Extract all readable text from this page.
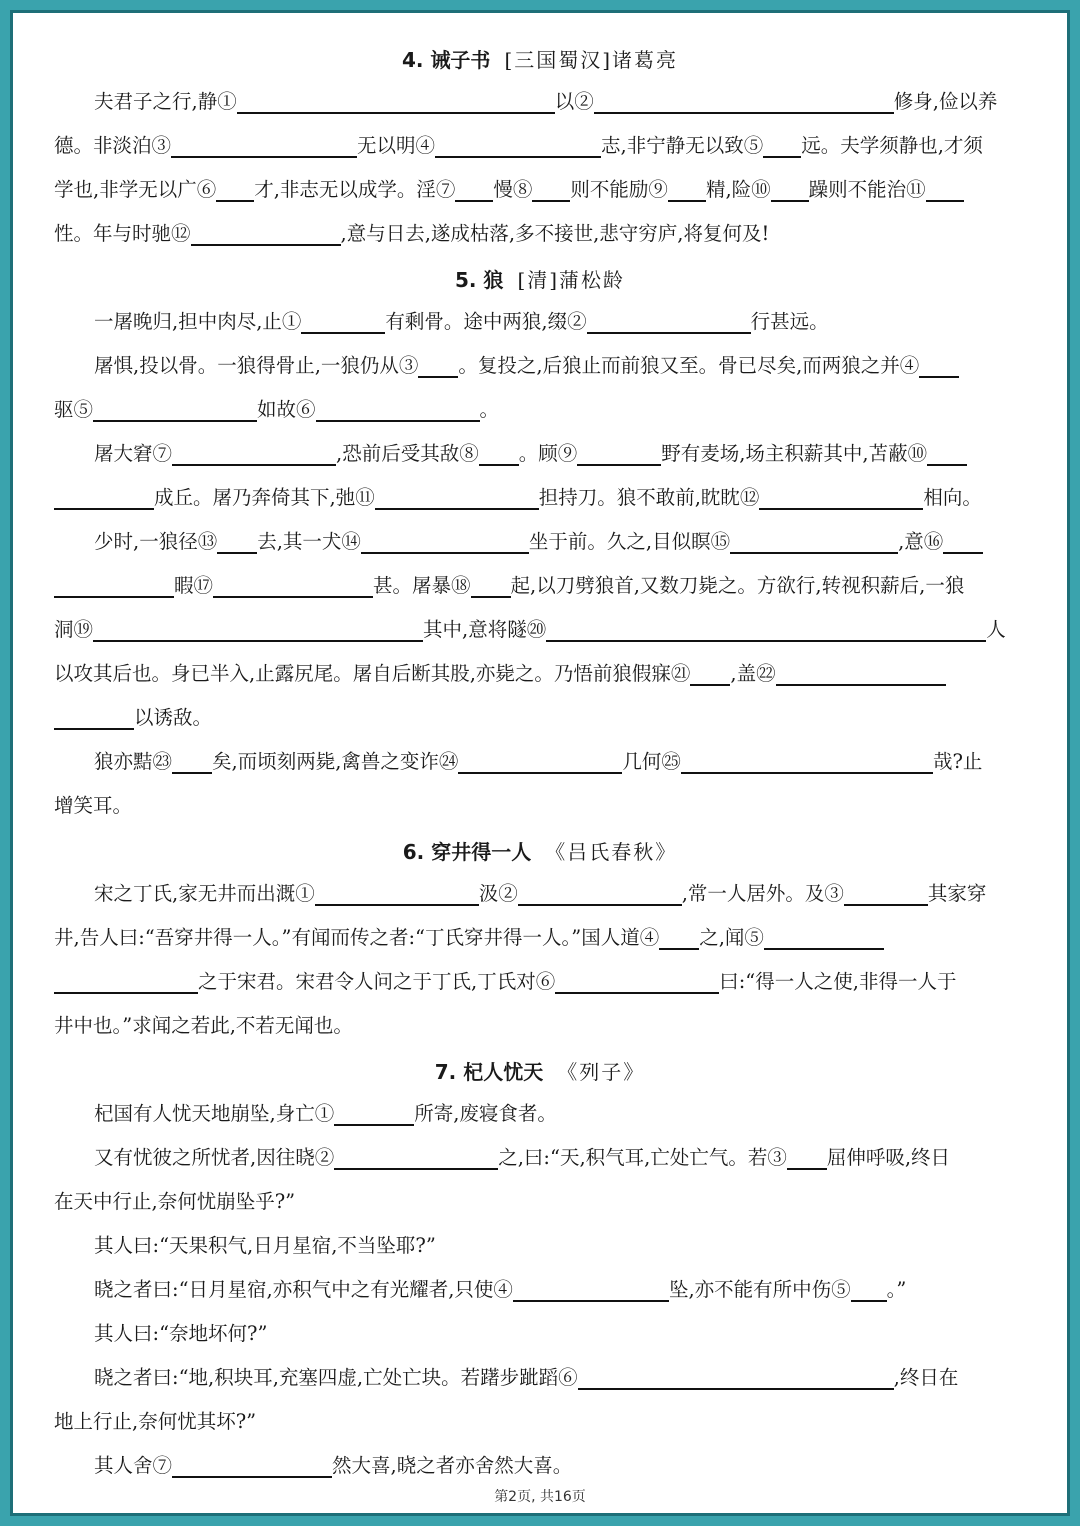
4. 诫子书 [三国蜀汉]诸葛亮

夫君子之行,静①	以②	修身,俭以养

德。非淡泊③	无以明④	志,非宁静无以致⑤ 远。夫学须静也,才须

学也,非学无以广⑥ 才,非志无以成学。淫⑦ 慢⑧ 则不能励⑨ 精,险⑩ 躁则不能治⑪

性。年与时驰⑫	,意与日去,遂成枯落,多不接世,悲守穷庐,将复何及!

5. 狼 [清]蒲松龄

一屠晚归,担中肉尽,止①	有剩骨。途中两狼,缀②	行甚远。

屠惧,投以骨。一狼得骨止,一狼仍从③ 。复投之,后狼止而前狼又至。骨已尽矣,而两狼之并④

驱⑤	如故⑥	。

屠大窘⑦	,恐前后受其敌⑧ 。顾⑨	野有麦场,场主积薪其中,苫蔽⑩

成丘。屠乃奔倚其下,弛⑪	担持刀。狼不敢前,眈眈⑫	相向。

少时,一狼径⑬ 去,其一犬⑭	坐于前。久之,目似瞑⑮	,意⑯

暇⑰	甚。屠暴⑱ 起,以刀劈狼首,又数刀毙之。方欲行,转视积薪后,一狼

洞⑲	其中,意将隧⑳	人

以攻其后也。身已半入,止露尻尾。屠自后断其股,亦毙之。乃悟前狼假寐㉑ ,盖㉒

以诱敌。

狼亦黠㉓ 矣,而顷刻两毙,禽兽之变诈㉔	几何㉕	哉?止

增笑耳。

6. 穿井得一人 《吕氏春秋》

宋之丁氏,家无井而出溉①	汲②	,常一人居外。及③	其家穿

井,告人曰:“吾穿井得一人。”有闻而传之者:“丁氏穿井得一人。”国人道④ 之,闻⑤

之于宋君。宋君令人问之于丁氏,丁氏对⑥	曰:“得一人之使,非得一人于

井中也。”求闻之若此,不若无闻也。

7. 杞人忧天 《列子》

杞国有人忧天地崩坠,身亡①	所寄,废寝食者。

又有忧彼之所忧者,因往晓②	之,曰:“天,积气耳,亡处亡气。若③ 屈伸呼吸,终日

在天中行止,奈何忧崩坠乎?”

其人曰:“天果积气,日月星宿,不当坠耶?”

晓之者曰:“日月星宿,亦积气中之有光耀者,只使④	坠,亦不能有所中伤⑤ 。”

其人曰:“奈地坏何?”

晓之者曰:“地,积块耳,充塞四虚,亡处亡块。若躇步跐蹈⑥	,终日在

地上行止,奈何忧其坏?”

其人舍⑦	然大喜,晓之者亦舍然大喜。

第2页, 共16页
